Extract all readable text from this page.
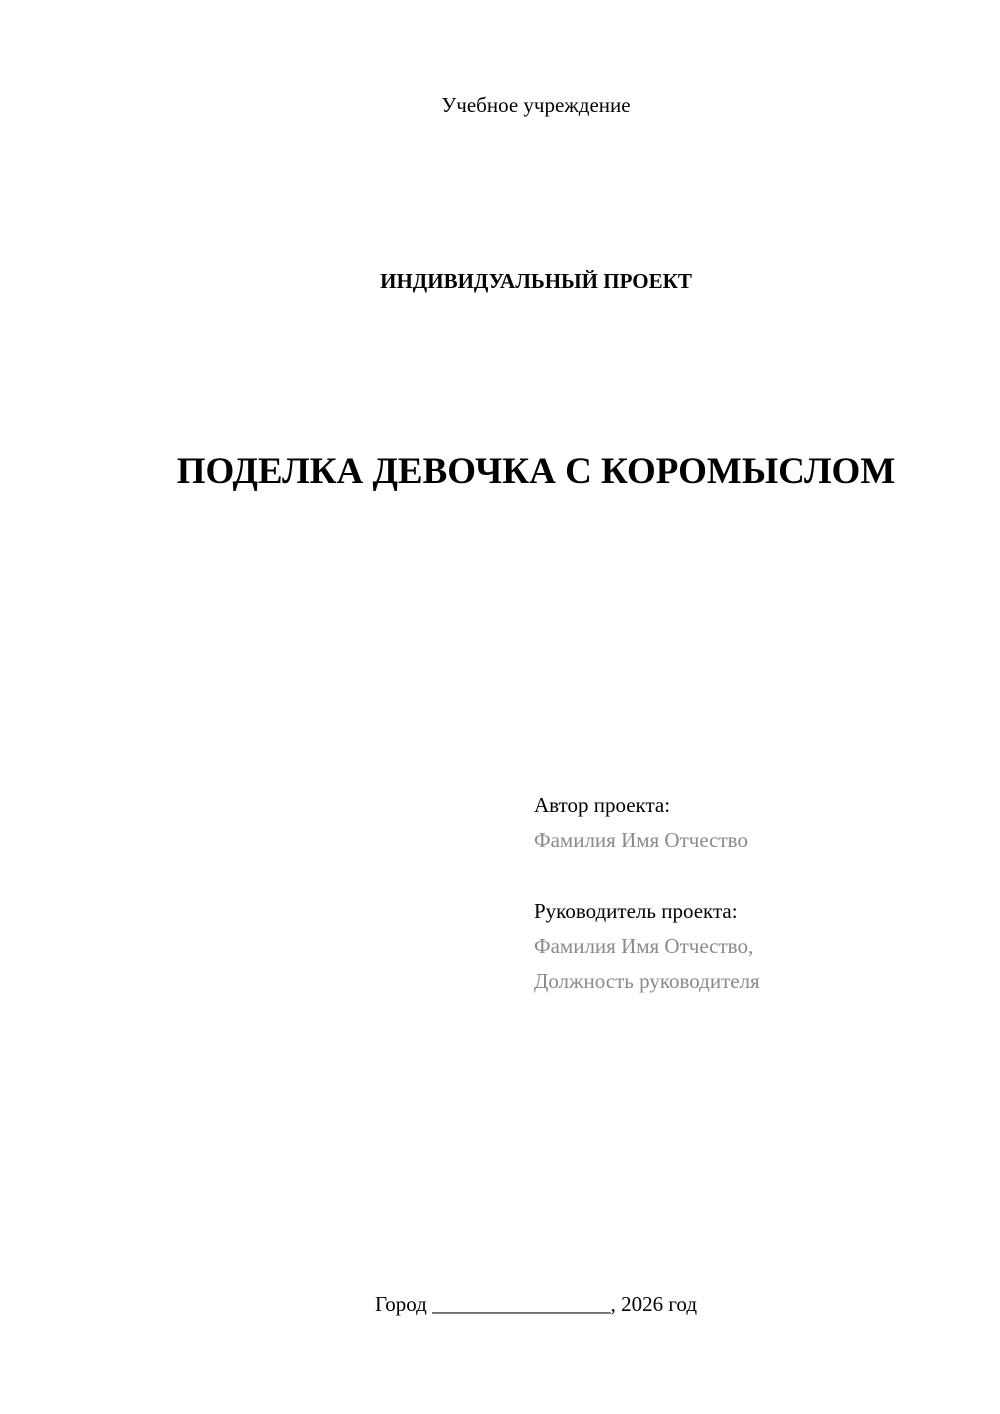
Учебное учреждение
ИНДИВИДУАЛЬНЫЙ ПРОЕКТ
ПОДЕЛКА ДЕВОЧКА С КОРОМЫСЛОМ
Автор проекта:
Фамилия Имя Отчество
Руководитель проекта:
Фамилия Имя Отчество,
Должность руководителя
Город _________________, 2026 год
